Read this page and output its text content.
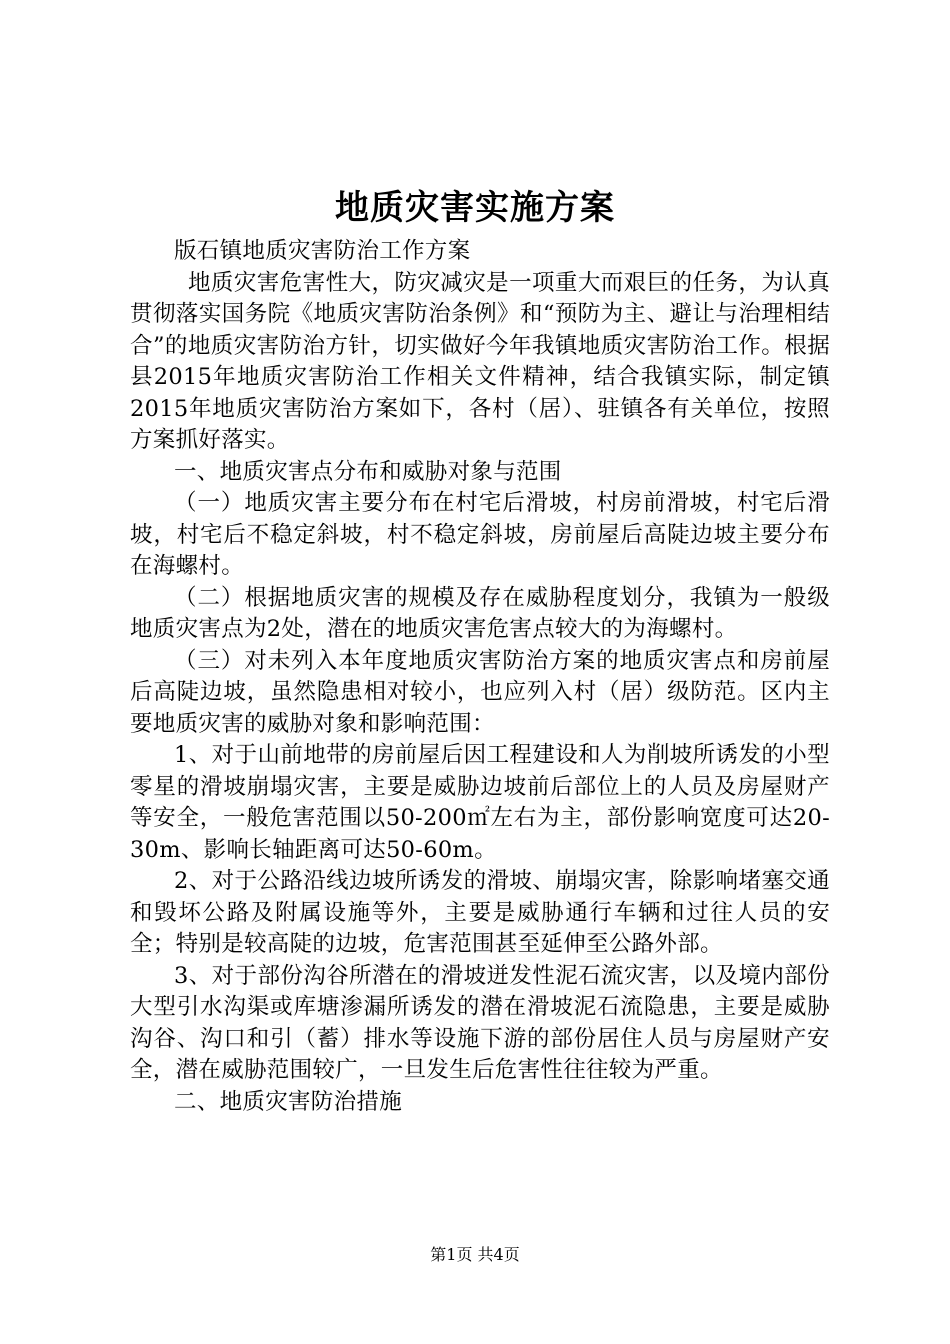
地质灾害实施方案

版石镇地质灾害防治工作方案

地质灾害危害性大，防灾减灾是一项重大而艰巨的任务，为认真贯彻落实国务院《地质灾害防治条例》和“预防为主、避让与治理相结合”的地质灾害防治方针，切实做好今年我镇地质灾害防治工作。根据县2015年地质灾害防治工作相关文件精神，结合我镇实际，制定镇2015年地质灾害防治方案如下，各村（居）、驻镇各有关单位，按照方案抓好落实。

一、地质灾害点分布和威胁对象与范围

（一）地质灾害主要分布在村宅后滑坡，村房前滑坡，村宅后滑坡，村宅后不稳定斜坡，村不稳定斜坡，房前屋后高陡边坡主要分布在海螺村。

（二）根据地质灾害的规模及存在威胁程度划分，我镇为一般级地质灾害点为2处，潜在的地质灾害危害点较大的为海螺村。

（三）对未列入本年度地质灾害防治方案的地质灾害点和房前屋后高陡边坡，虽然隐患相对较小，也应列入村（居）级防范。区内主要地质灾害的威胁对象和影响范围：

1、对于山前地带的房前屋后因工程建设和人为削坡所诱发的小型零星的滑坡崩塌灾害，主要是威胁边坡前后部位上的人员及房屋财产等安全，一般危害范围以50-200㎡左右为主，部份影响宽度可达20-30m、影响长轴距离可达50-60m。

2、对于公路沿线边坡所诱发的滑坡、崩塌灾害，除影响堵塞交通和毁坏公路及附属设施等外，主要是威胁通行车辆和过往人员的安全；特别是较高陡的边坡，危害范围甚至延伸至公路外部。

3、对于部份沟谷所潜在的滑坡迸发性泥石流灾害，以及境内部份大型引水沟渠或库塘渗漏所诱发的潜在滑坡泥石流隐患，主要是威胁沟谷、沟口和引（蓄）排水等设施下游的部份居住人员与房屋财产安全，潜在威胁范围较广，一旦发生后危害性往往较为严重。

二、地质灾害防治措施

第1页 共4页
